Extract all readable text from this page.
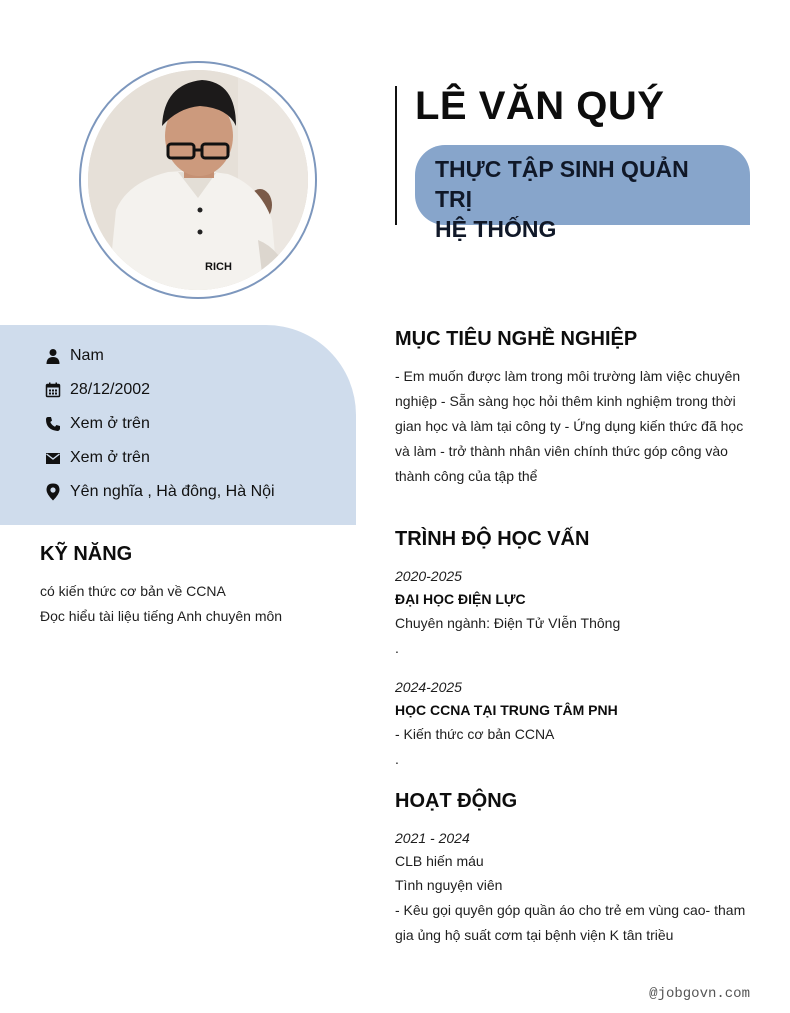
RICH
LÊ VĂN QUÝ
THỰC TẬP SINH QUẢN TRỊ
HỆ THỐNG
Nam
28/12/2002
Xem ở trên
Xem ở trên
Yên nghĩa , Hà đông, Hà Nội
KỸ NĂNG
có kiến thức cơ bản về CCNA
Đọc hiểu tài liệu tiếng Anh chuyên môn
MỤC TIÊU NGHỀ NGHIỆP
- Em muốn được làm trong môi trường làm việc chuyên
nghiệp - Sẵn sàng học hỏi thêm kinh nghiệm trong thời
gian học và làm tại công ty - Ứng dụng kiến thức đã học
và làm - trở thành nhân viên chính thức góp công vào
thành công của tập thể
TRÌNH ĐỘ HỌC VẤN
2020-2025
ĐẠI HỌC ĐIỆN LỰC
Chuyên ngành: Điện Tử VIễn Thông
.
2024-2025
HỌC CCNA TẠI TRUNG TÂM PNH
- Kiến thức cơ bản CCNA
.
HOẠT ĐỘNG
2021 - 2024
CLB hiến máu
Tình nguyện viên
- Kêu gọi quyên góp quần áo cho trẻ em vùng cao- tham
gia ủng hộ suất cơm tại bệnh viện K tân triều
@jobgovn.com
